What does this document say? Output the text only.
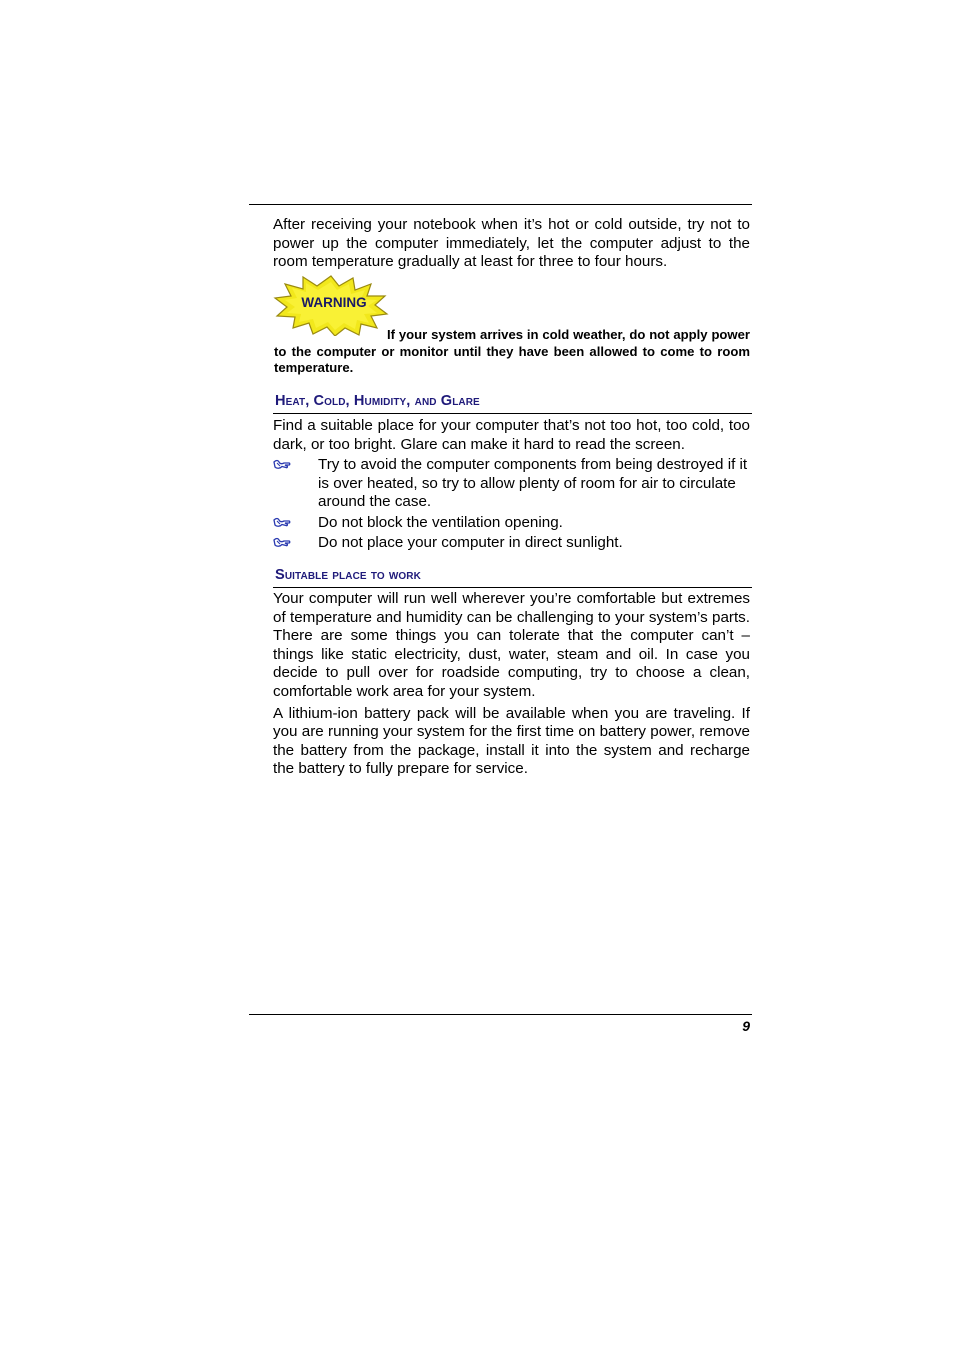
After receiving your notebook when it’s hot or cold outside, try not to power up the computer immediately, let the computer adjust to the room temperature gradually at least for three to four hours.

WARNING

If your system arrives in cold weather, do not apply power to the computer or monitor until they have been allowed to come to room temperature.

Heat, Cold, Humidity, and Glare

Find a suitable place for your computer that’s not too hot, too cold, too dark, or too bright. Glare can make it hard to read the screen.

Try to avoid the computer components from being destroyed if it is over heated, so try to allow plenty of room for air to circulate around the case.
Do not block the ventilation opening.
Do not place your computer in direct sunlight.
Suitable place to work

Your computer will run well wherever you’re comfortable but extremes of temperature and humidity can be challenging to your system’s parts. There are some things you can tolerate that the computer can’t – things like static electricity, dust, water, steam and oil. In case you decide to pull over for roadside computing, try to choose a clean, comfortable work area for your system.

A lithium-ion battery pack will be available when you are traveling. If you are running your system for the first time on battery power, remove the battery from the package, install it into the system and recharge the battery to fully prepare for service.

9
